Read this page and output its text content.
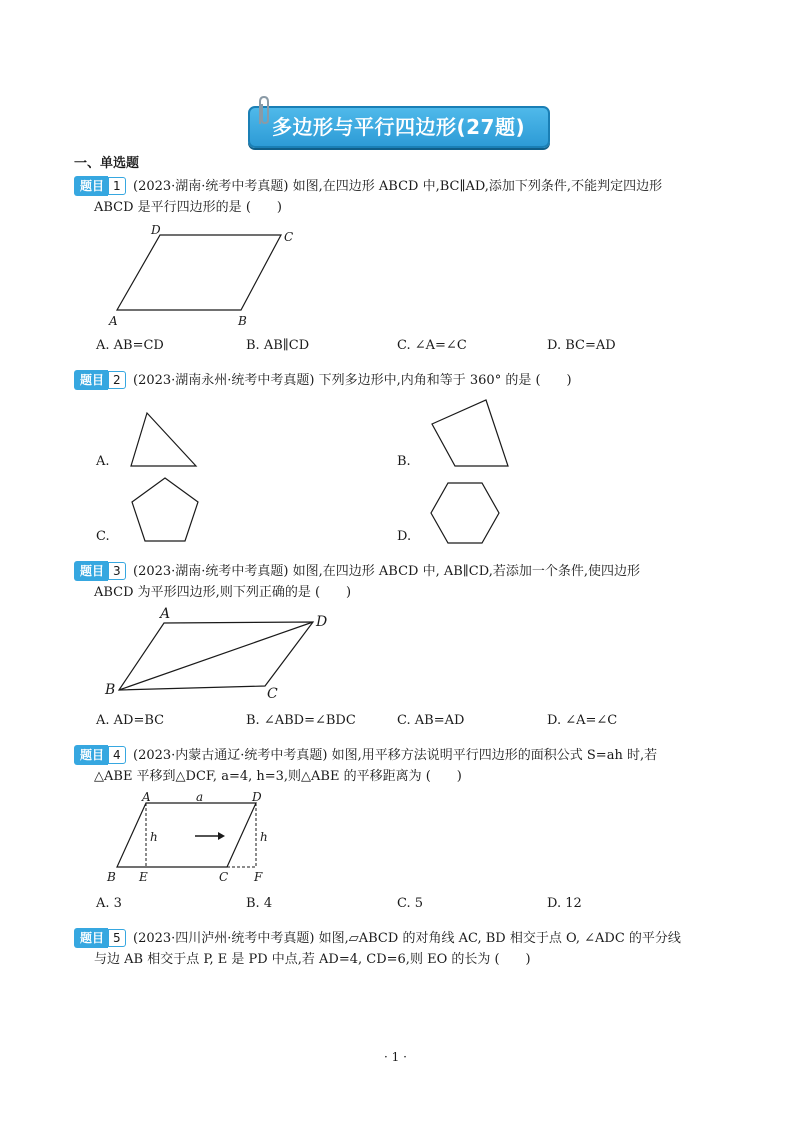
多边形与平行四边形(27题)
一、单选题
题目 1 (2023·湖南·统考中考真题) 如图,在四边形 ABCD 中,BC∥AD,添加下列条件,不能判定四边形
ABCD 是平行四边形的是 (　　)
D	C
A	B
A. AB=CD	B. AB∥CD	C. ∠A=∠C	D. BC=AD
题目 2 (2023·湖南永州·统考中考真题) 下列多边形中,内角和等于 360° 的是 (　　)
A.	B.
C.	D.
题目 3 (2023·湖南·统考中考真题) 如图,在四边形 ABCD 中, AB∥CD,若添加一个条件,使四边形
ABCD 为平形四边形,则下列正确的是 (　　)
A	D
B	C
A. AD=BC	B. ∠ABD=∠BDC	C. AB=AD	D. ∠A=∠C
题目 4 (2023·内蒙古通辽·统考中考真题) 如图,用平移方法说明平行四边形的面积公式 S=ah 时,若
△ABE 平移到△DCF, a=4, h=3,则△ABE 的平移距离为 (　　)
A	a	D
h	h
B E	C F
A. 3	B. 4	C. 5	D. 12
题目 5 (2023·四川泸州·统考中考真题) 如图,▱ABCD 的对角线 AC, BD 相交于点 O, ∠ADC 的平分线
与边 AB 相交于点 P, E 是 PD 中点,若 AD=4, CD=6,则 EO 的长为 (　　)
· 1 ·
